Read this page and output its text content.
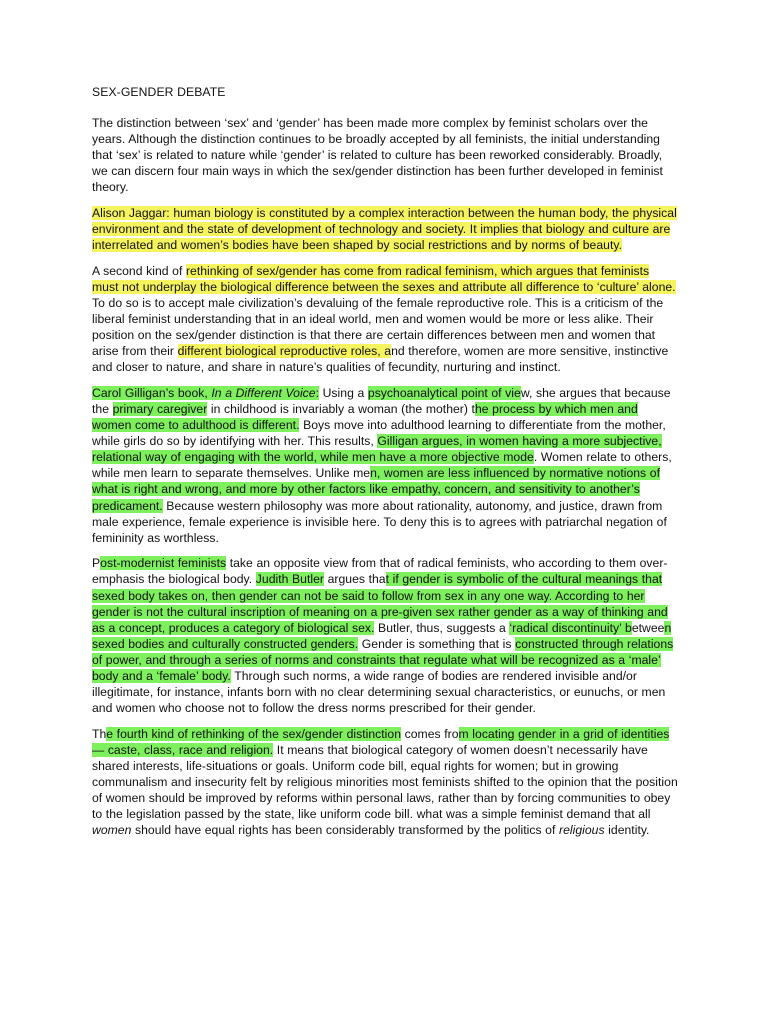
SEX-GENDER DEBATE

The distinction between ‘sex’ and ‘gender’ has been made more complex by feminist scholars over the years. Although the distinction continues to be broadly accepted by all feminists, the initial understanding that ‘sex’ is related to nature while ‘gender’ is related to culture has been reworked considerably. Broadly, we can discern four main ways in which the sex/gender distinction has been further developed in feminist theory.

Alison Jaggar: human biology is constituted by a complex interaction between the human body, the physical environment and the state of development of technology and society. It implies that biology and culture are interrelated and women’s bodies have been shaped by social restrictions and by norms of beauty.

A second kind of rethinking of sex/gender has come from radical feminism, which argues that feminists must not underplay the biological difference between the sexes and attribute all difference to ‘culture’ alone. To do so is to accept male civilization’s devaluing of the female reproductive role. This is a criticism of the liberal feminist understanding that in an ideal world, men and women would be more or less alike. Their position on the sex/gender distinction is that there are certain differences between men and women that arise from their different biological reproductive roles, and therefore, women are more sensitive, instinctive and closer to nature, and share in nature’s qualities of fecundity, nurturing and instinct.

Carol Gilligan’s book, In a Different Voice: Using a psychoanalytical point of view, she argues that because the primary caregiver in childhood is invariably a woman (the mother) the process by which men and women come to adulthood is different. Boys move into adulthood learning to differentiate from the mother, while girls do so by identifying with her. This results, Gilligan argues, in women having a more subjective, relational way of engaging with the world, while men have a more objective mode. Women relate to others, while men learn to separate themselves. Unlike men, women are less influenced by normative notions of what is right and wrong, and more by other factors like empathy, concern, and sensitivity to another’s predicament. Because western philosophy was more about rationality, autonomy, and justice, drawn from male experience, female experience is invisible here. To deny this is to agrees with patriarchal negation of femininity as worthless.

Post-modernist feminists take an opposite view from that of radical feminists, who according to them over-emphasis the biological body. Judith Butler argues that if gender is symbolic of the cultural meanings that sexed body takes on, then gender can not be said to follow from sex in any one way. According to her gender is not the cultural inscription of meaning on a pre-given sex rather gender as a way of thinking and as a concept, produces a category of biological sex. Butler, thus, suggests a ‘radical discontinuity’ between sexed bodies and culturally constructed genders. Gender is something that is constructed through relations of power, and through a series of norms and constraints that regulate what will be recognized as a ‘male’ body and a ‘female’ body. Through such norms, a wide range of bodies are rendered invisible and/or illegitimate, for instance, infants born with no clear determining sexual characteristics, or eunuchs, or men and women who choose not to follow the dress norms prescribed for their gender.

The fourth kind of rethinking of the sex/gender distinction comes from locating gender in a grid of identities— caste, class, race and religion. It means that biological category of women doesn’t necessarily have shared interests, life-situations or goals. Uniform code bill, equal rights for women; but in growing communalism and insecurity felt by religious minorities most feminists shifted to the opinion that the position of women should be improved by reforms within personal laws, rather than by forcing communities to obey to the legislation passed by the state, like uniform code bill. what was a simple feminist demand that all women should have equal rights has been considerably transformed by the politics of religious identity.
